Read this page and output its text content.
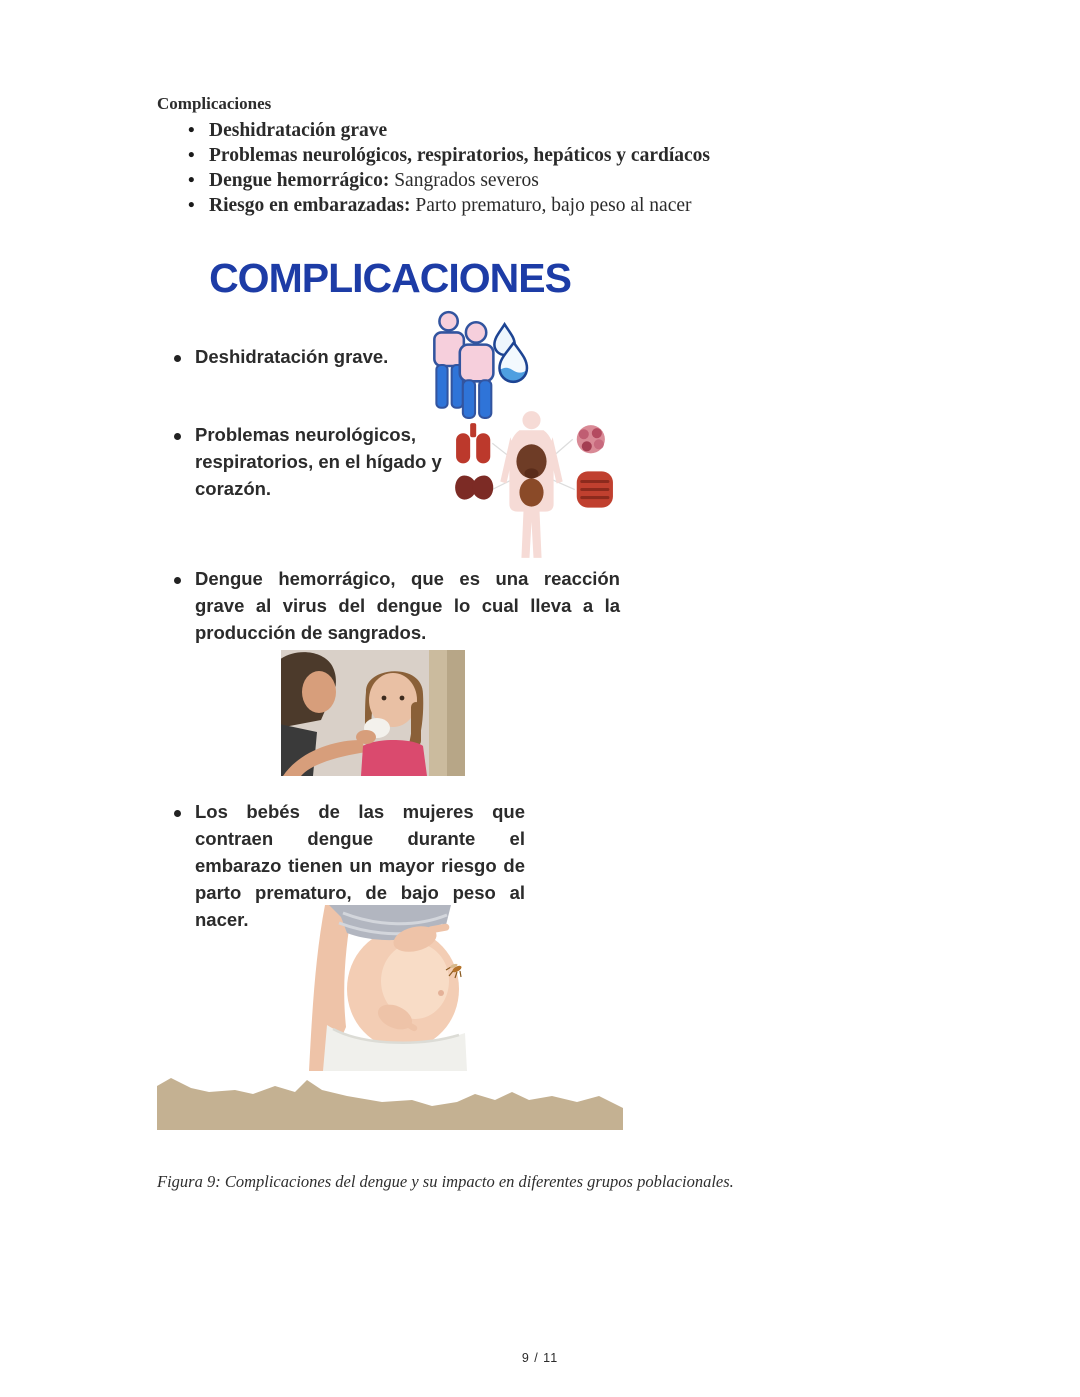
Complicaciones
• Deshidratación grave
• Problemas neurológicos, respiratorios, hepáticos y cardíacos
• Dengue hemorrágico: Sangrados severos
• Riesgo en embarazadas: Parto prematuro, bajo peso al nacer
COMPLICACIONES
Deshidratación grave.
Problemas neurológicos, respiratorios, en el hígado y corazón.
Dengue hemorrágico, que es una reacción grave al virus del dengue lo cual lleva a la producción de sangrados.
Los bebés de las mujeres que contraen dengue durante el embarazo tienen un mayor riesgo de parto prematuro, de bajo peso al nacer.
Figura 9: Complicaciones del dengue y su impacto en diferentes grupos poblacionales.
9 / 11
